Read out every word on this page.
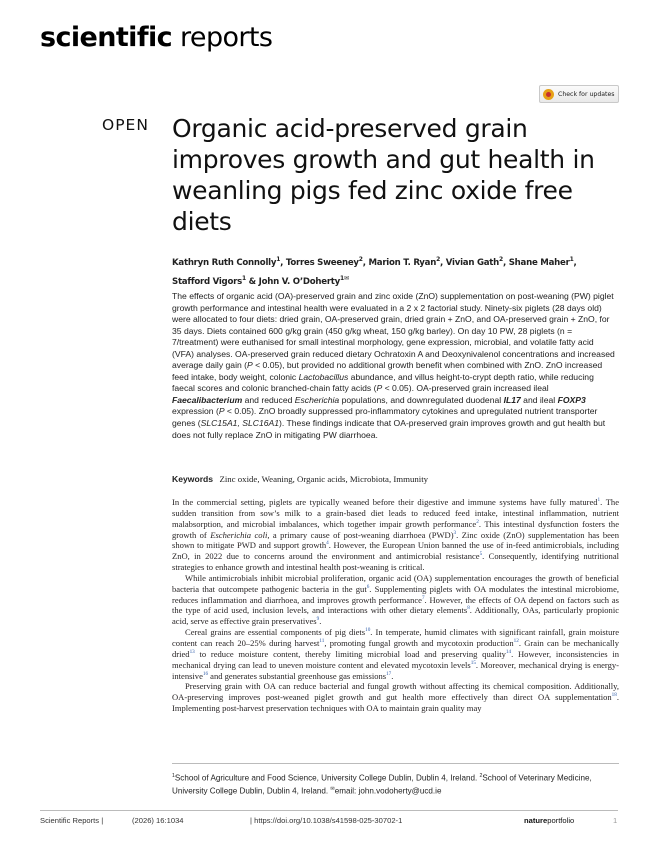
scientific reports
Check for updates
OPEN Organic acid-preserved grain improves growth and gut health in weanling pigs fed zinc oxide free diets
Kathryn Ruth Connolly$^1$, Torres Sweeney$^2$, Marion T. Ryan$^2$, Vivian Gath$^2$, Shane Maher$^1$, Stafford Vigors$^1$ & John V. O’Doherty$^{1✉}$
The effects of organic acid (OA)-preserved grain and zinc oxide (ZnO) supplementation on post-weaning (PW) piglet growth performance and intestinal health were evaluated in a 2 x 2 factorial study. Ninety-six piglets (28 days old) were allocated to four diets: dried grain, OA-preserved grain, dried grain + ZnO, and OA-preserved grain + ZnO, for 35 days. Diets contained 600 g/kg grain (450 g/kg wheat, 150 g/kg barley). On day 10 PW, 28 piglets (n = 7/treatment) were euthanised for small intestinal morphology, gene expression, microbial, and volatile fatty acid (VFA) analyses. OA-preserved grain reduced dietary Ochratoxin A and Deoxynivalenol concentrations and increased average daily gain (P < 0.05), but provided no additional growth benefit when combined with ZnO. ZnO increased feed intake, body weight, colonic Lactobacillus abundance, and villus height-to-crypt depth ratio, while reducing faecal scores and colonic branched-chain fatty acids (P < 0.05). OA-preserved grain increased ileal Faecalibacterium and reduced Escherichia populations, and downregulated duodenal IL17 and ileal FOXP3 expression (P < 0.05). ZnO broadly suppressed pro-inflammatory cytokines and upregulated nutrient transporter genes (SLC15A1, SLC16A1). These findings indicate that OA-preserved grain improves growth and gut health but does not fully replace ZnO in mitigating PW diarrhoea.
Keywords Zinc oxide, Weaning, Organic acids, Microbiota, Immunity

In the commercial setting, piglets are typically weaned before their digestive and immune systems have fully matured$^1$. The sudden transition from sow’s milk to a grain-based diet leads to reduced feed intake, intestinal inflammation, nutrient malabsorption, and microbial imbalances, which together impair growth performance$^2$. This intestinal dysfunction fosters the growth of Escherichia coli, a primary cause of post-weaning diarrhoea (PWD)$^3$. Zinc oxide (ZnO) supplementation has been shown to mitigate PWD and support growth$^4$. However, the European Union banned the use of in-feed antimicrobials, including ZnO, in 2022 due to concerns around the environment and antimicrobial resistance$^5$. Consequently, identifying nutritional strategies to enhance growth and intestinal health post-weaning is critical.

While antimicrobials inhibit microbial proliferation, organic acid (OA) supplementation encourages the growth of beneficial bacteria that outcompete pathogenic bacteria in the gut$^6$. Supplementing piglets with OA modulates the intestinal microbiome, reduces inflammation and diarrhoea, and improves growth performance$^7$. However, the effects of OA depend on factors such as the type of acid used, inclusion levels, and interactions with other dietary elements$^8$. Additionally, OAs, particularly propionic acid, serve as effective grain preservatives$^9$.

Cereal grains are essential components of pig diets$^{10}$. In temperate, humid climates with significant rainfall, grain moisture content can reach 20–25% during harvest$^{11}$, promoting fungal growth and mycotoxin production$^{12}$. Grain can be mechanically dried$^{13}$ to reduce moisture content, thereby limiting microbial load and preserving quality$^{14}$. However, inconsistencies in mechanical drying can lead to uneven moisture content and elevated mycotoxin levels$^{15}$. Moreover, mechanical drying is energy-intensive$^{16}$ and generates substantial greenhouse gas emissions$^{17}$.

Preserving grain with OA can reduce bacterial and fungal growth without affecting its chemical composition. Additionally, OA-preserving improves post-weaned piglet growth and gut health more effectively than direct OA supplementation$^{18}$. Implementing post-harvest preservation techniques with OA to maintain grain quality may

$^1$School of Agriculture and Food Science, University College Dublin, Dublin 4, Ireland. $^2$School of Veterinary Medicine, University College Dublin, Dublin 4, Ireland. ✉email: john.vodoherty@ucd.ie
Scientific Reports |	(2026) 16:1034	| https://doi.org/10.1038/s41598-025-30702-1	natureportfolio	1
